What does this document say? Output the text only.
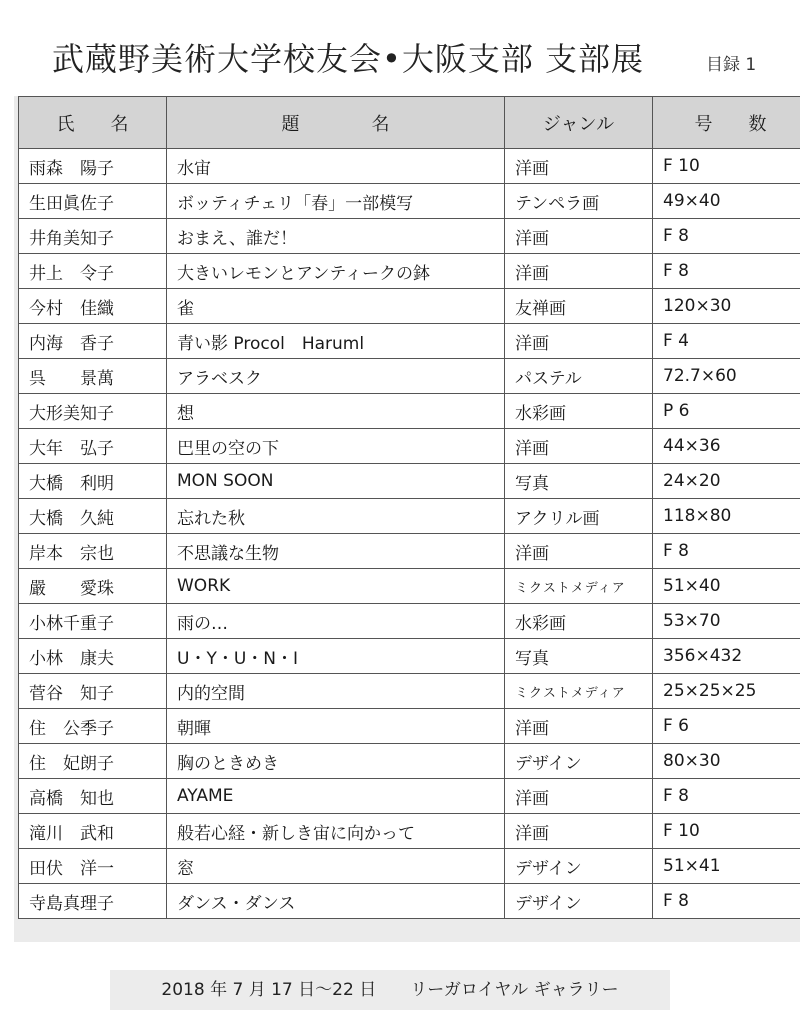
武蔵野美術大学校友会•大阪支部 支部展	目録 1
氏　　名	題　　　　名	ジャンル	号　　数
雨森　陽子	水宙	洋画	F 10
生田眞佐子	ボッティチェリ「春」一部模写	テンペラ画	49×40
井角美知子	おまえ、誰だ！	洋画	F 8
井上　令子	大きいレモンとアンティークの鉢	洋画	F 8
今村　佳織	雀	友禅画	120×30
内海　香子	青い影 Procol　Haruml	洋画	F 4
呉　　景萬	アラベスク	パステル	72.7×60
大形美知子	想	水彩画	P 6
大年　弘子	巴里の空の下	洋画	44×36
大橋　利明	MON SOON	写真	24×20
大橋　久純	忘れた秋	アクリル画	118×80
岸本　宗也	不思議な生物	洋画	F 8
嚴　　愛珠	WORK	ミクストメディア	51×40
小林千重子	雨の…	水彩画	53×70
小林　康夫	U・Y・U・N・I	写真	356×432
菅谷　知子	内的空間	ミクストメディア	25×25×25
住　公季子	朝暉	洋画	F 6
住　妃朗子	胸のときめき	デザイン	80×30
高橋　知也	AYAME	洋画	F 8
滝川　武和	般若心経・新しき宙に向かって	洋画	F 10
田伏　洋一	窓	デザイン	51×41
寺島真理子	ダンス・ダンス	デザイン	F 8
2018 年 7 月 17 日〜22 日　　リーガロイヤル ギャラリー
